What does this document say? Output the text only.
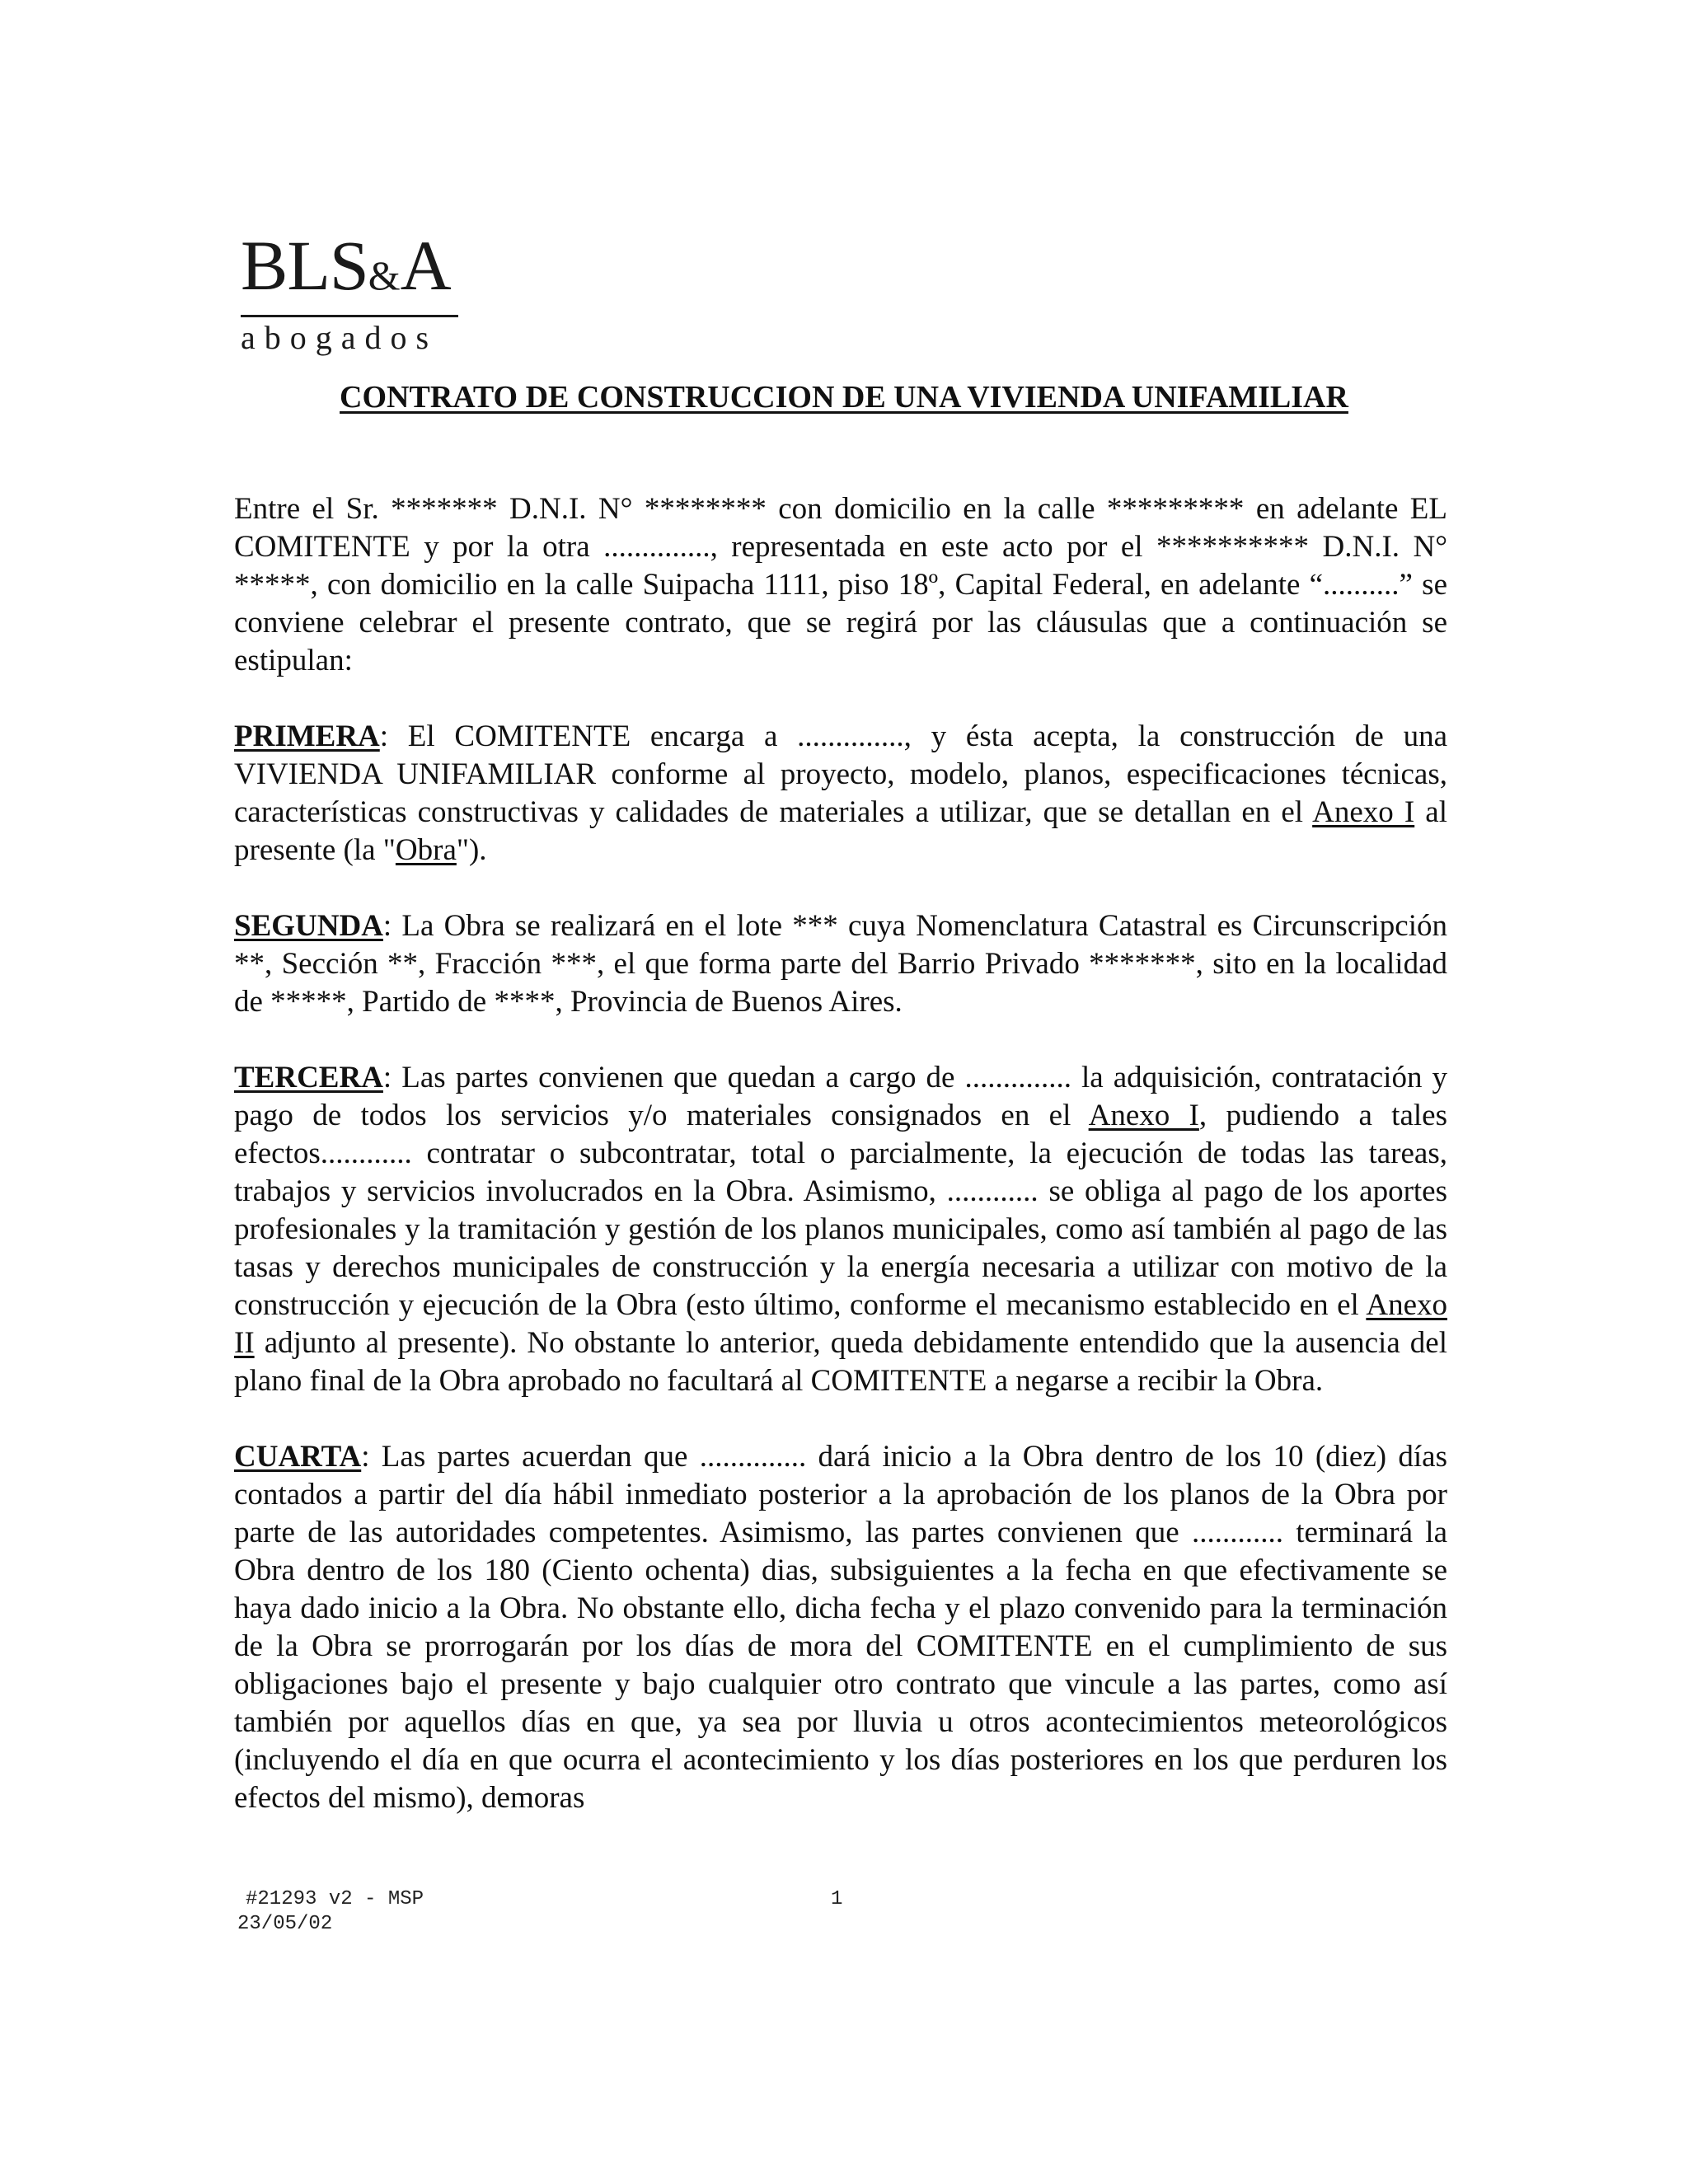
BLS&A
abogados
CONTRATO DE CONSTRUCCION DE UNA VIVIENDA UNIFAMILIAR

Entre el Sr. ******* D.N.I. N° ******** con domicilio en la calle ********* en adelante EL COMITENTE y por la otra .............., representada en este acto por el ********** D.N.I. N° *****, con domicilio en la calle Suipacha 1111, piso 18º, Capital Federal, en adelante “..........” se conviene celebrar el presente contrato, que se regirá por las cláusulas que a continuación se estipulan:

PRIMERA: El COMITENTE encarga a .............., y ésta acepta, la construcción de una VIVIENDA UNIFAMILIAR conforme al proyecto, modelo, planos, especificaciones técnicas, características constructivas y calidades de materiales a utilizar, que se detallan en el Anexo I al presente (la "Obra").

SEGUNDA: La Obra se realizará en el lote *** cuya Nomenclatura Catastral es Circunscripción **, Sección **, Fracción ***, el que forma parte del Barrio Privado *******, sito en la localidad de *****, Partido de ****, Provincia de Buenos Aires.

TERCERA: Las partes convienen que quedan a cargo de .............. la adquisición, contratación y pago de todos los servicios y/o materiales consignados en el Anexo I, pudiendo a tales efectos............ contratar o subcontratar, total o parcialmente, la ejecución de todas las tareas, trabajos y servicios involucrados en la Obra. Asimismo, ............ se obliga al pago de los aportes profesionales y la tramitación y gestión de los planos municipales, como así también al pago de las tasas y derechos municipales de construcción y la energía necesaria a utilizar con motivo de la construcción y ejecución de la Obra (esto último, conforme el mecanismo establecido en el Anexo II adjunto al presente). No obstante lo anterior, queda debidamente entendido que la ausencia del plano final de la Obra aprobado no facultará al COMITENTE a negarse a recibir la Obra.

CUARTA: Las partes acuerdan que .............. dará inicio a la Obra dentro de los 10 (diez) días contados a partir del día hábil inmediato posterior a la aprobación de los planos de la Obra por parte de las autoridades competentes. Asimismo, las partes convienen que ............ terminará la Obra dentro de los 180 (Ciento ochenta) dias, subsiguientes a la fecha en que efectivamente se haya dado inicio a la Obra. No obstante ello, dicha fecha y el plazo convenido para la terminación de la Obra se prorrogarán por los días de mora del COMITENTE en el cumplimiento de sus obligaciones bajo el presente y bajo cualquier otro contrato que vincule a las partes, como así también por aquellos días en que, ya sea por lluvia u otros acontecimientos meteorológicos (incluyendo el día en que ocurra el acontecimiento y los días posteriores en los que perduren los efectos del mismo), demoras

#21293 v2 - MSP
23/05/02
1
